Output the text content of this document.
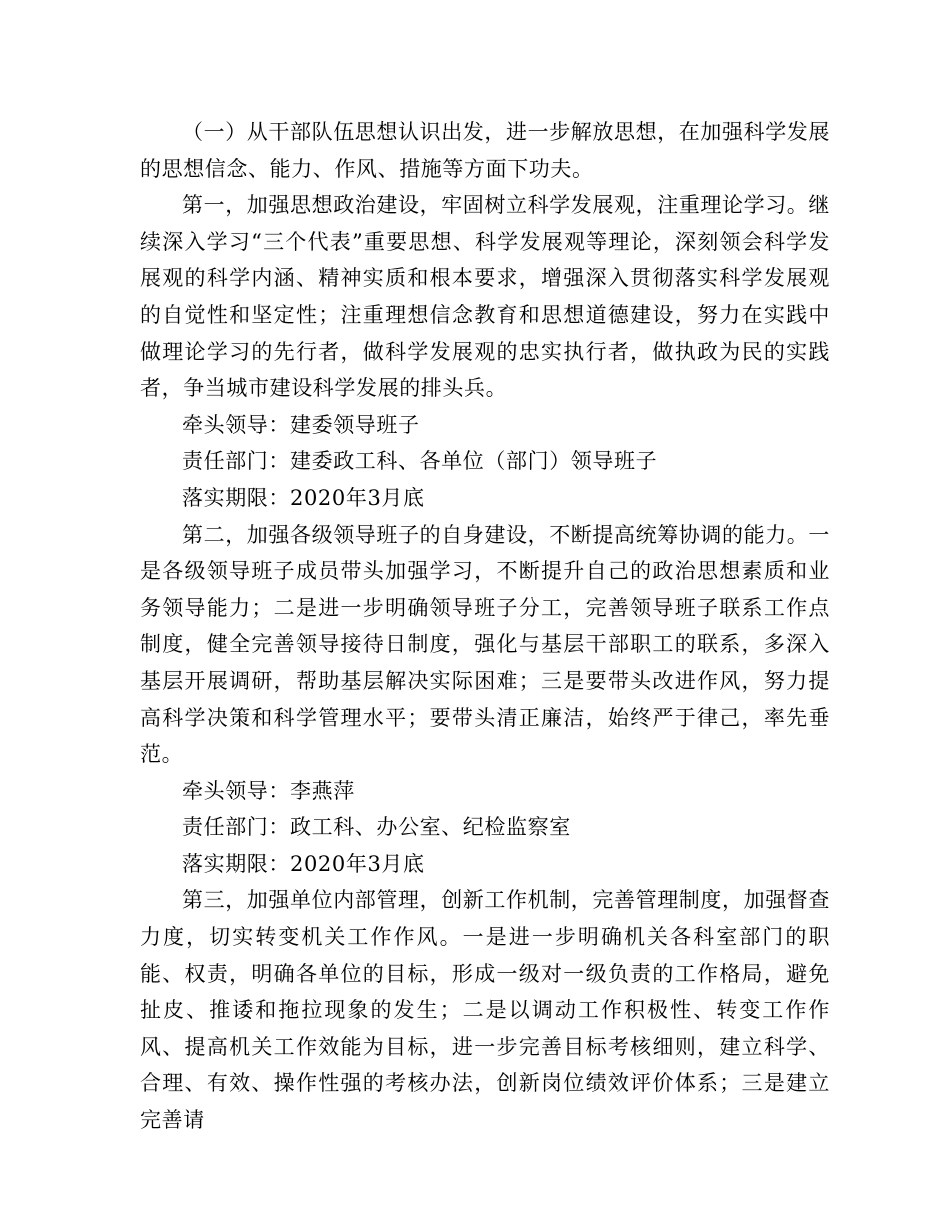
（一）从干部队伍思想认识出发，进一步解放思想，在加强科学发展的思想信念、能力、作风、措施等方面下功夫。

第一，加强思想政治建设，牢固树立科学发展观，注重理论学习。继续深入学习“三个代表”重要思想、科学发展观等理论，深刻领会科学发展观的科学内涵、精神实质和根本要求，增强深入贯彻落实科学发展观的自觉性和坚定性；注重理想信念教育和思想道德建设，努力在实践中做理论学习的先行者，做科学发展观的忠实执行者，做执政为民的实践者，争当城市建设科学发展的排头兵。

牵头领导：建委领导班子

责任部门：建委政工科、各单位（部门）领导班子

落实期限：2020年3月底

第二，加强各级领导班子的自身建设，不断提高统筹协调的能力。一是各级领导班子成员带头加强学习，不断提升自己的政治思想素质和业务领导能力；二是进一步明确领导班子分工，完善领导班子联系工作点制度，健全完善领导接待日制度，强化与基层干部职工的联系，多深入基层开展调研，帮助基层解决实际困难；三是要带头改进作风，努力提高科学决策和科学管理水平；要带头清正廉洁，始终严于律己，率先垂范。

牵头领导：李燕萍

责任部门：政工科、办公室、纪检监察室

落实期限：2020年3月底

第三，加强单位内部管理，创新工作机制，完善管理制度，加强督查力度，切实转变机关工作作风。一是进一步明确机关各科室部门的职能、权责，明确各单位的目标，形成一级对一级负责的工作格局，避免扯皮、推诿和拖拉现象的发生；二是以调动工作积极性、转变工作作风、提高机关工作效能为目标，进一步完善目标考核细则，建立科学、合理、有效、操作性强的考核办法，创新岗位绩效评价体系；三是建立完善请
